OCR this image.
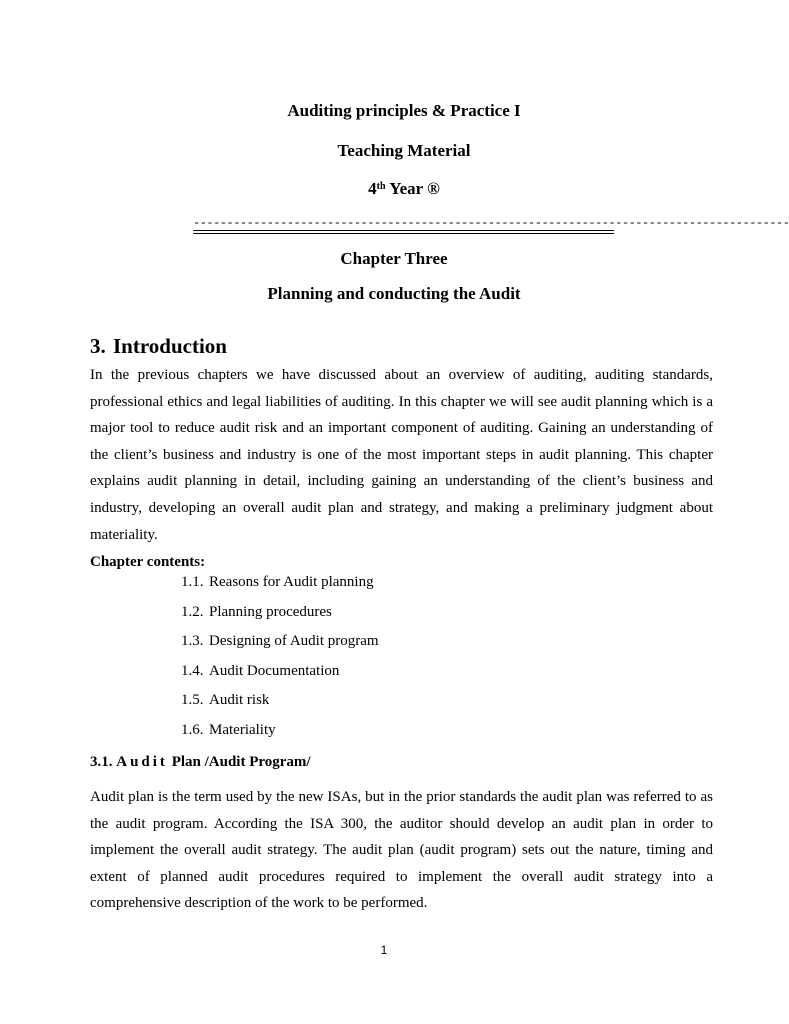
Auditing principles & Practice I
Teaching Material
4th Year ®
-----------------------------------------------------------------------------------------
Chapter Three
Planning and conducting the Audit
3. Introduction
In the previous chapters we have discussed about an overview of auditing, auditing standards, professional ethics and legal liabilities of auditing. In this chapter we will see audit planning which is a major tool to reduce audit risk and an important component of auditing. Gaining an understanding of the client’s business and industry is one of the most important steps in audit planning. This chapter explains audit planning in detail, including gaining an understanding of the client’s business and industry, developing an overall audit plan and strategy, and making a preliminary judgment about materiality.
Chapter contents:
1.1. Reasons for Audit planning
1.2. Planning procedures
1.3. Designing of Audit program
1.4. Audit Documentation
1.5. Audit risk
1.6. Materiality
3.1. Audit Plan /Audit Program/
Audit plan is the term used by the new ISAs, but in the prior standards the audit plan was referred to as the audit program. According the ISA 300, the auditor should develop an audit plan in order to implement the overall audit strategy. The audit plan (audit program) sets out the nature, timing and extent of planned audit procedures required to implement the overall audit strategy into a comprehensive description of the work to be performed.
1
